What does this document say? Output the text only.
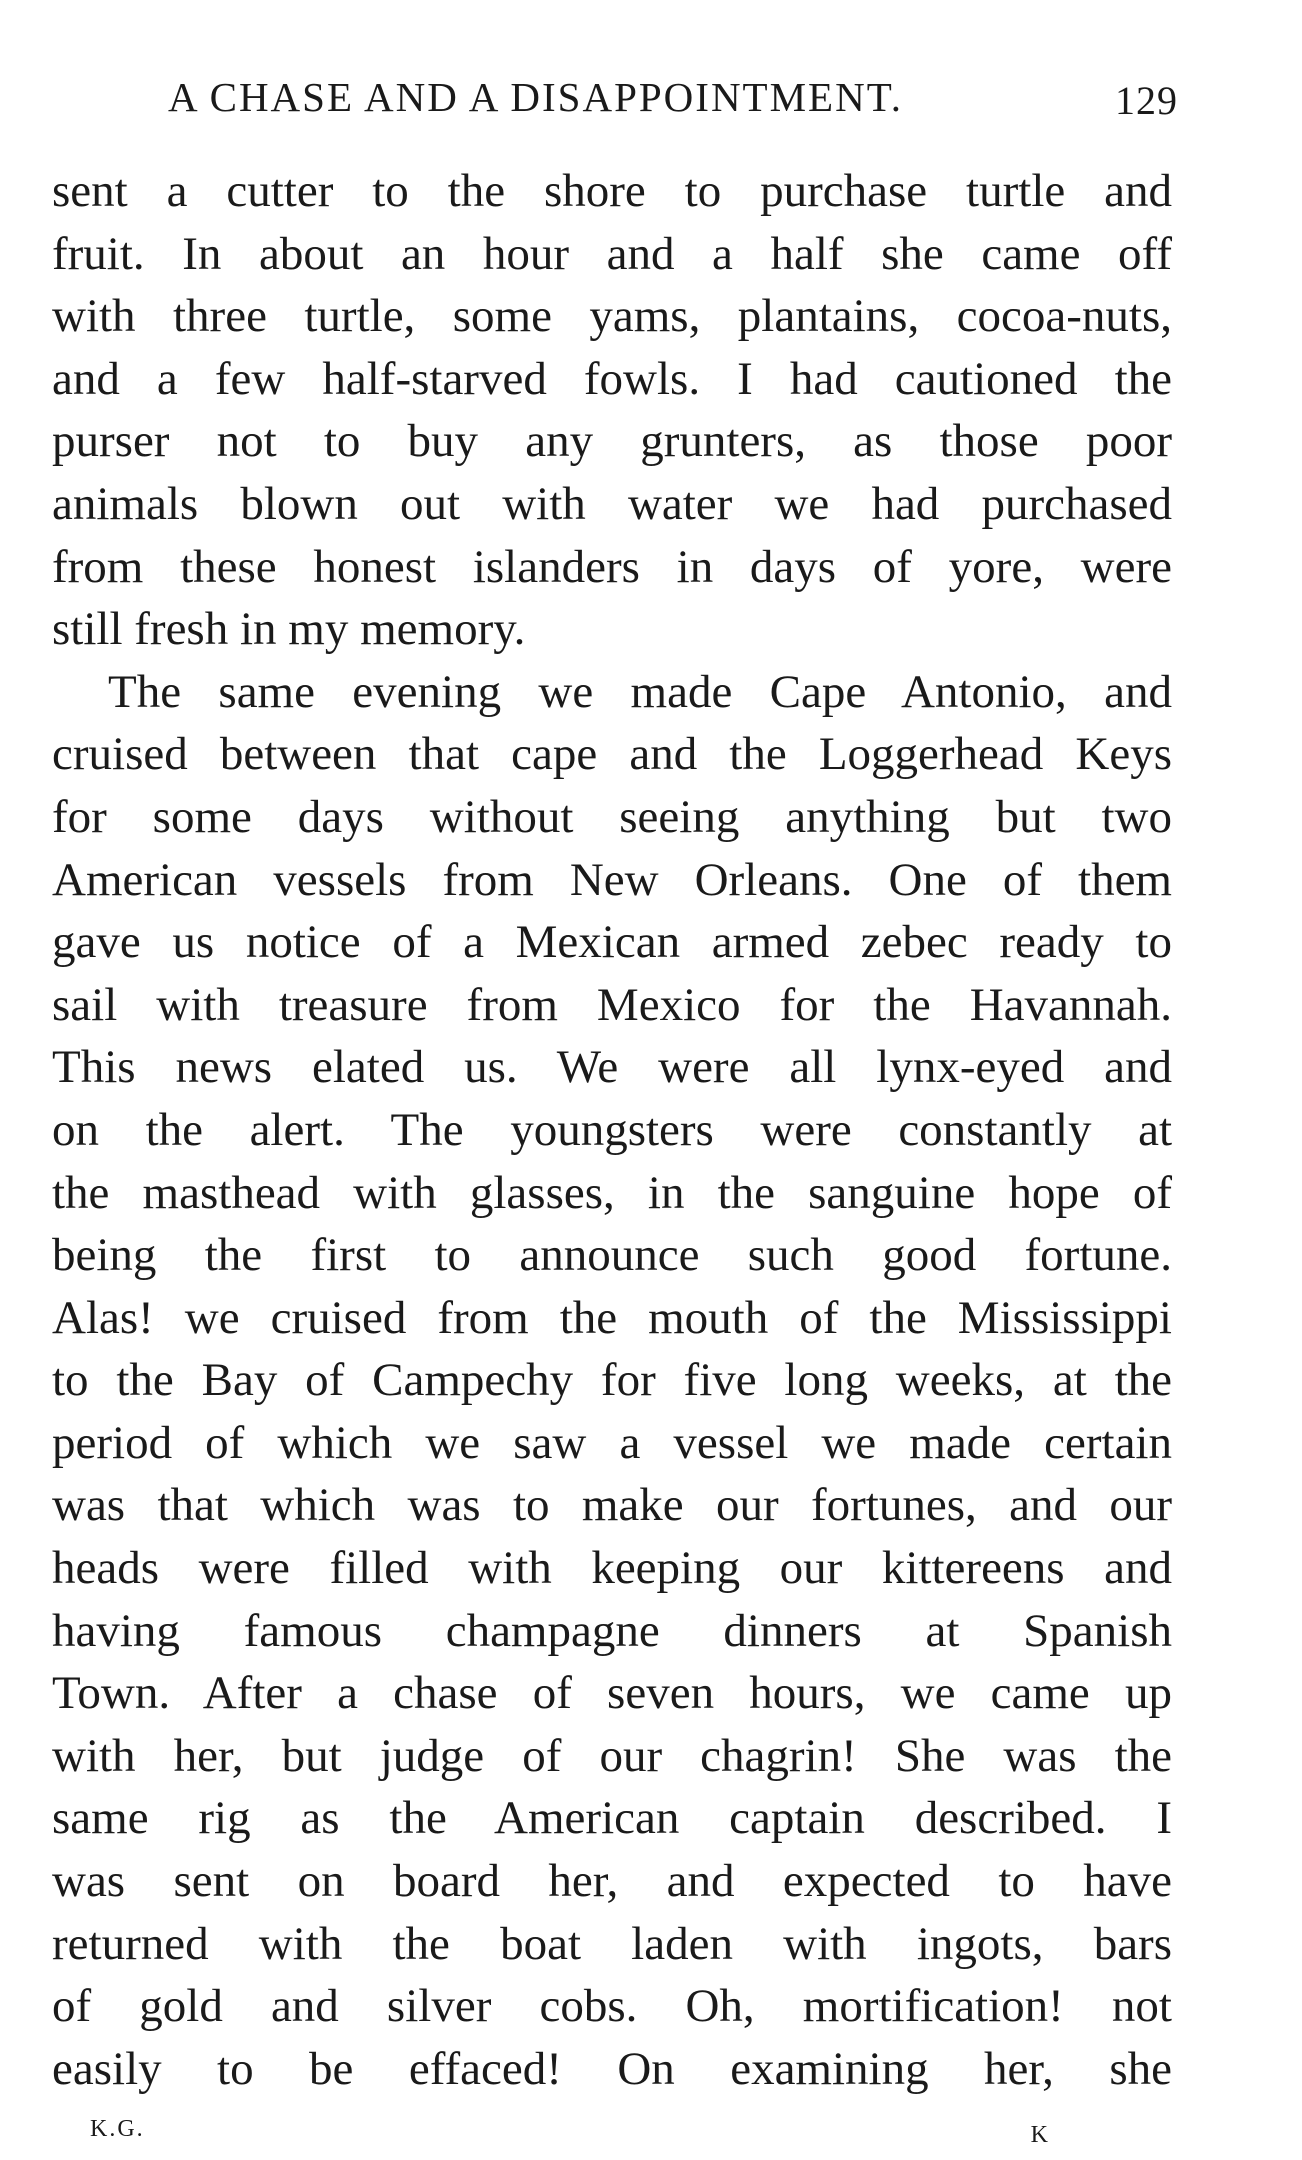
A CHASE AND A DISAPPOINTMENT.	129
sent a cutter to the shore to purchase turtle and
fruit. In about an hour and a half she came off
with three turtle, some yams, plantains, cocoa-nuts,
and a few half-starved fowls. I had cautioned the
purser not to buy any grunters, as those poor
animals blown out with water we had purchased
from these honest islanders in days of yore, were
still fresh in my memory.
The same evening we made Cape Antonio, and
cruised between that cape and the Loggerhead Keys
for some days without seeing anything but two
American vessels from New Orleans. One of them
gave us notice of a Mexican armed zebec ready to
sail with treasure from Mexico for the Havannah.
This news elated us. We were all lynx-eyed and
on the alert. The youngsters were constantly at
the masthead with glasses, in the sanguine hope of
being the first to announce such good fortune.
Alas! we cruised from the mouth of the Mississippi
to the Bay of Campechy for five long weeks, at the
period of which we saw a vessel we made certain
was that which was to make our fortunes, and our
heads were filled with keeping our kittereens and
having famous champagne dinners at Spanish
Town. After a chase of seven hours, we came up
with her, but judge of our chagrin! She was the
same rig as the American captain described. I
was sent on board her, and expected to have
returned with the boat laden with ingots, bars
of gold and silver cobs. Oh, mortification! not
easily to be effaced! On examining her, she
K.G.	K
